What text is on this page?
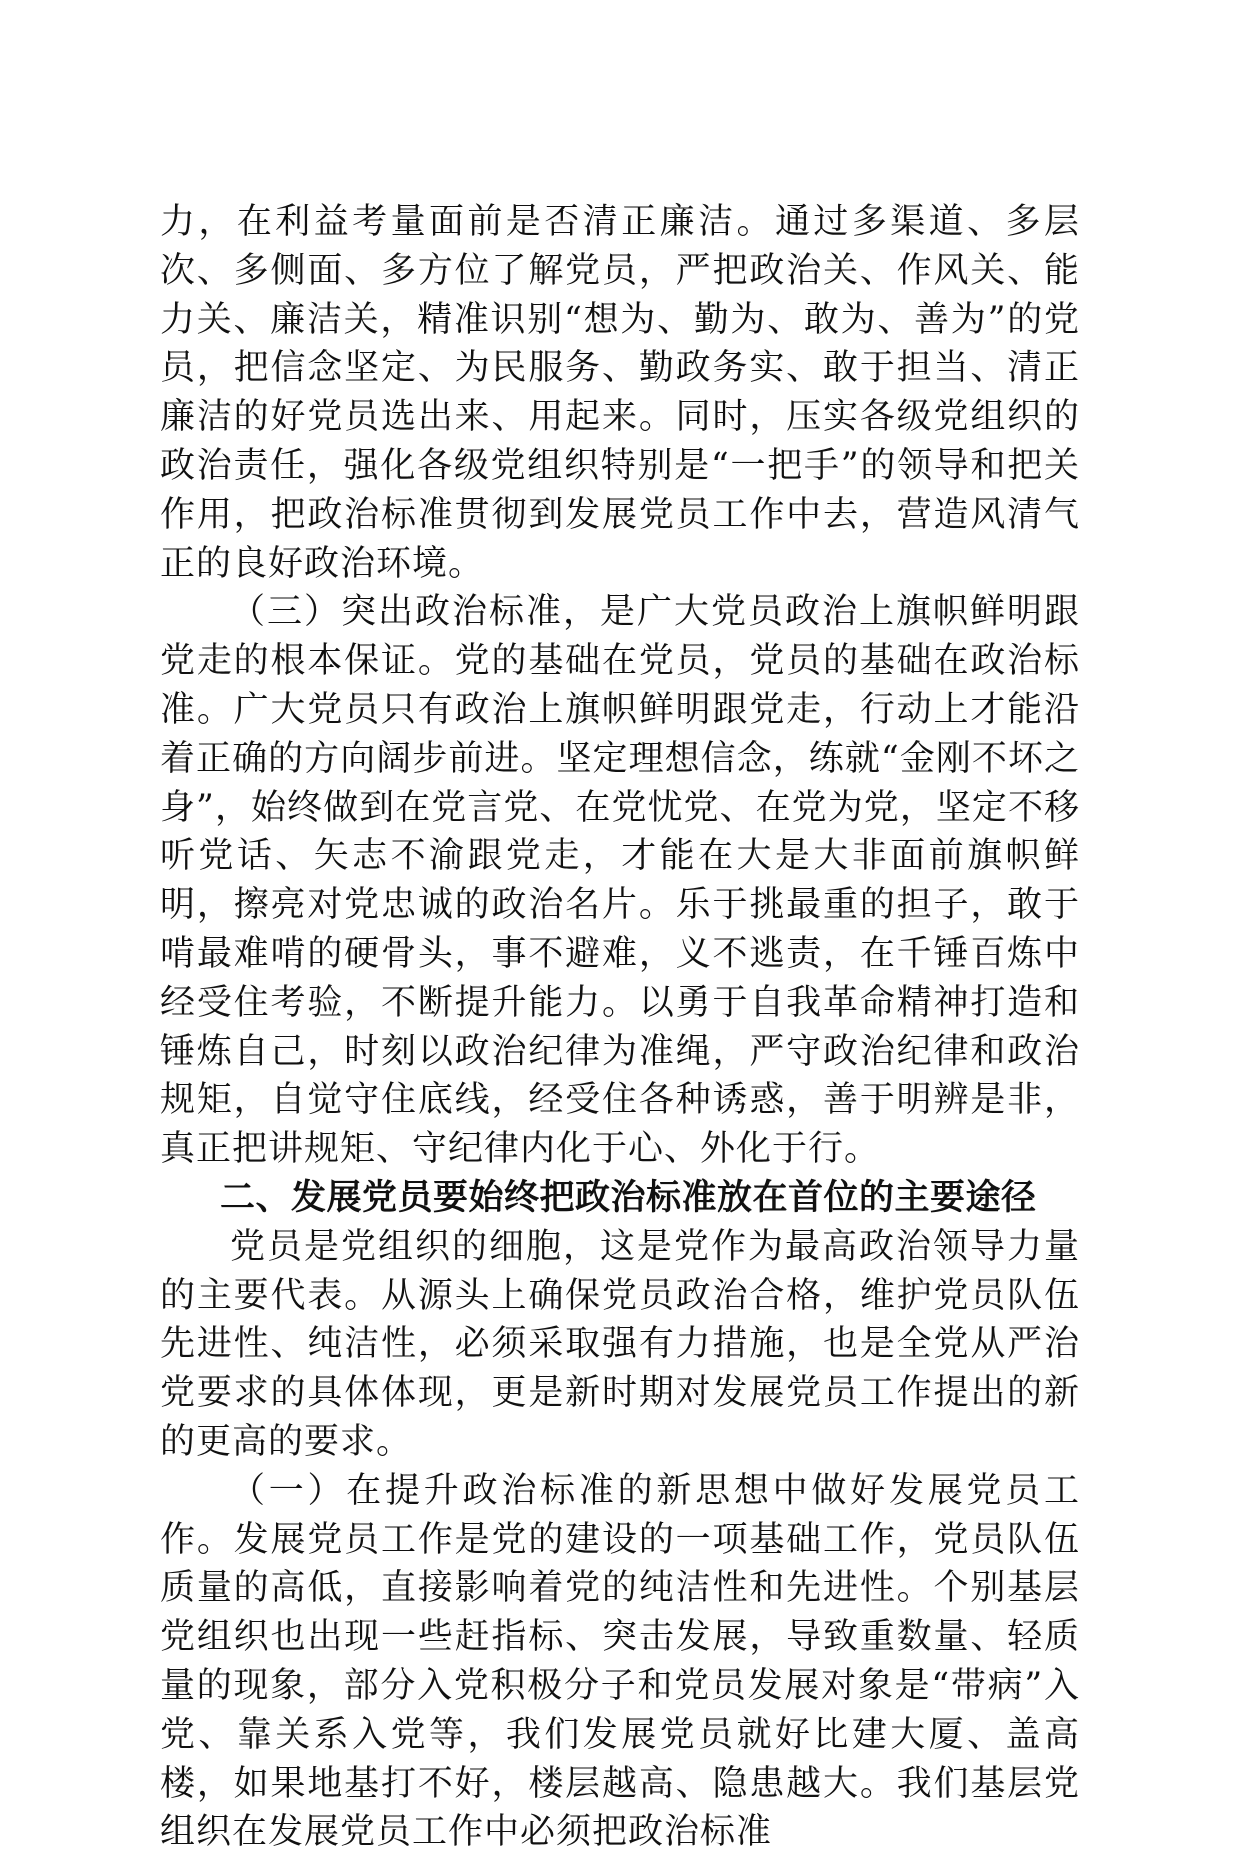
力，在利益考量面前是否清正廉洁。通过多渠道、多层次、多侧面、多方位了解党员，严把政治关、作风关、能力关、廉洁关，精准识别“想为、勤为、敢为、善为”的党员，把信念坚定、为民服务、勤政务实、敢于担当、清正廉洁的好党员选出来、用起来。同时，压实各级党组织的政治责任，强化各级党组织特别是“一把手”的领导和把关作用，把政治标准贯彻到发展党员工作中去，营造风清气正的良好政治环境。

（三）突出政治标准，是广大党员政治上旗帜鲜明跟党走的根本保证。党的基础在党员，党员的基础在政治标准。广大党员只有政治上旗帜鲜明跟党走，行动上才能沿着正确的方向阔步前进。坚定理想信念，练就“金刚不坏之身”，始终做到在党言党、在党忧党、在党为党，坚定不移听党话、矢志不渝跟党走，才能在大是大非面前旗帜鲜明，擦亮对党忠诚的政治名片。乐于挑最重的担子，敢于啃最难啃的硬骨头，事不避难，义不逃责，在千锤百炼中经受住考验，不断提升能力。以勇于自我革命精神打造和锤炼自己，时刻以政治纪律为准绳，严守政治纪律和政治规矩，自觉守住底线，经受住各种诱惑，善于明辨是非，真正把讲规矩、守纪律内化于心、外化于行。

二、发展党员要始终把政治标准放在首位的主要途径

党员是党组织的细胞，这是党作为最高政治领导力量的主要代表。从源头上确保党员政治合格，维护党员队伍先进性、纯洁性，必须采取强有力措施，也是全党从严治党要求的具体体现，更是新时期对发展党员工作提出的新的更高的要求。

（一）在提升政治标准的新思想中做好发展党员工作。发展党员工作是党的建设的一项基础工作，党员队伍质量的高低，直接影响着党的纯洁性和先进性。个别基层党组织也出现一些赶指标、突击发展，导致重数量、轻质量的现象，部分入党积极分子和党员发展对象是“带病”入党、靠关系入党等，我们发展党员就好比建大厦、盖高楼，如果地基打不好，楼层越高、隐患越大。我们基层党组织在发展党员工作中必须把政治标准
